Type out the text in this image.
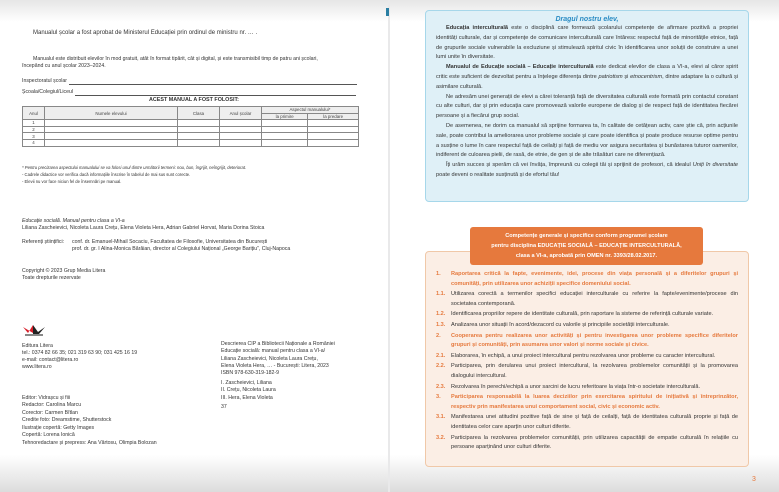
Manualul școlar a fost aprobat de Ministerul Educației prin ordinul de ministru nr. … .
Manualul este distribuit elevilor în mod gratuit, atât în format tipărit, cât și digital, și este transmisibil timp de patru ani școlari,
începând cu anul școlar 2023–2024.
Inspectoratul școlar
Școala/Colegiul/Liceul
ACEST MANUAL A FOST FOLOSIT:
Anul	Numele elevului	Clasa	Anul școlar	Aspectul manualului*	
				la primire	la predare
1					
2					
3					
4					
* Pentru precizarea aspectului manualului se va folosi unul dintre următorii termeni: nou, bun, îngrijit, neîngrijit, deteriorat.
- Cadrele didactice vor verifica dacă informațiile înscrise în tabelul de mai sus sunt corecte.
- Elevii nu vor face niciun fel de însemnări pe manual.
Educație socială. Manual pentru clasa a VI-a
Liliana Zascheievici, Nicoleta Laura Crețu, Elena Violeta Hera, Adrian Gabriel Horvat, Maria Dorina Stoica
Referenți științifici: conf. dr. Emanuel-Mihail Socaciu, Facultatea de Filosofie, Universitatea din București
prof. dr. gr. I Alina-Monica Bărăian, director al Colegiului Național „George Barițiu”, Cluj-Napoca
Copyright © 2023 Grup Media Litera
Toate drepturile rezervate
Editura Litera
tel.: 0374 82 66 35; 021 319 63 90; 031 425 16 19
e-mail: contact@litera.ro
www.litera.ro
Editor: Vidrașcu și fiii
Redactor: Carolina Marcu
Corector: Carmen Bîtlan
Credite foto: Dreamstime, Shutterstock
Ilustrație copertă: Getty Images
Copertă: Lorena Ionică
Tehnoredactare și prepress: Ana Vârtosu, Olimpia Bolozan
Descrierea CIP a Bibliotecii Naționale a României
Educație socială: manual pentru clasa a VI-a/
Liliana Zascheievici, Nicoleta Laura Crețu,
Elena Violeta Hera, … - București: Litera, 2023
ISBN 978-630-319-182-9
I. Zascheievici, Liliana
II. Crețu, Nicoleta Laura
III. Hera, Elena Violeta
37
Dragul nostru elev,

Educația interculturală este o disciplină care formează școlarului competențe de afirmare pozitivă a propriei identități culturale, dar și competențe de comunicare interculturală care întăresc respectul față de minoritățile etnice, față de grupurile sociale vulnerabile la excluziune și stimulează spiritul civic în identificarea unor soluții de construire a unei lumi unite în diversitate.

Manualul de Educație socială – Educație interculturală este dedicat elevilor de clasa a VI-a, elevi al căror spirit critic este suficient de dezvoltat pentru a înțelege diferența dintre patriotism și etnocentrism, dintre adaptare la o cultură și asimilare culturală.

Ne adresăm unei generații de elevi a cărei toleranță față de diversitatea culturală este formată prin contactul constant cu alte culturi, dar și prin educația care promovează valorile europene de dialog și de respect față de identitatea fiecărei persoane și a fiecărui grup social.

De asemenea, ne dorim ca manualul să sprijine formarea ta, în calitate de cetățean activ, care știe că, prin acțiunile sale, poate contribui la ameliorarea unor probleme sociale și care poate identifica și poate produce resurse optime pentru a susține o lume în care respectul față de ceilalți și față de mediu vor asigura securitatea și bunăstarea tuturor oamenilor, indiferent de culoarea pielii, de rasă, de etnie, de gen și de alte trăsături care ne diferențiază.

Îți urăm succes și sperăm că vei învăța, împreună cu colegii tăi și sprijinit de profesori, că idealul Uniți în diversitate poate deveni o realitate susținută și de efortul tău!

Competențe generale și specifice conform programei școlare
pentru disciplina EDUCAȚIE SOCIALĂ – EDUCAȚIE INTERCULTURALĂ,
clasa a VI-a, aprobată prin OMEN nr. 3393/28.02.2017.
1.	Raportarea critică la fapte, evenimente, idei, procese din viața personală și a diferitelor grupuri și comunități, prin utilizarea unor achiziții specifice domeniului social.
1.1.	Utilizarea corectă a termenilor specifici educației interculturale cu referire la fapte/evenimente/procese din societatea contemporană.
1.2.	Identificarea propriilor repere de identitate culturală, prin raportare la sisteme de referință culturale variate.
1.3.	Analizarea unor situații în acord/dezacord cu valorile și principiile societății interculturale.
2.	Cooperarea pentru realizarea unor activități și pentru investigarea unor probleme specifice diferitelor grupuri și comunități, prin asumarea unor valori și norme sociale și civice.
2.1.	Elaborarea, în echipă, a unui proiect intercultural pentru rezolvarea unor probleme cu caracter intercultural.
2.2.	Participarea, prin derularea unui proiect intercultural, la rezolvarea problemelor comunității și la promovarea dialogului intercultural.
2.3.	Rezolvarea în perechi/echipă a unor sarcini de lucru referitoare la viața într-o societate interculturală.
3.	Participarea responsabilă la luarea deciziilor prin exercitarea spiritului de inițiativă și întreprinzător, respectiv prin manifestarea unui comportament social, civic și economic activ.
3.1.	Manifestarea unei atitudini pozitive față de sine și față de ceilalți, față de identitatea culturală proprie și față de identitatea celor care aparțin unor culturi diferite.
3.2.	Participarea la rezolvarea problemelor comunității, prin utilizarea capacității de empatie culturală în relațiile cu persoane aparținând unor culturi diferite.
3
